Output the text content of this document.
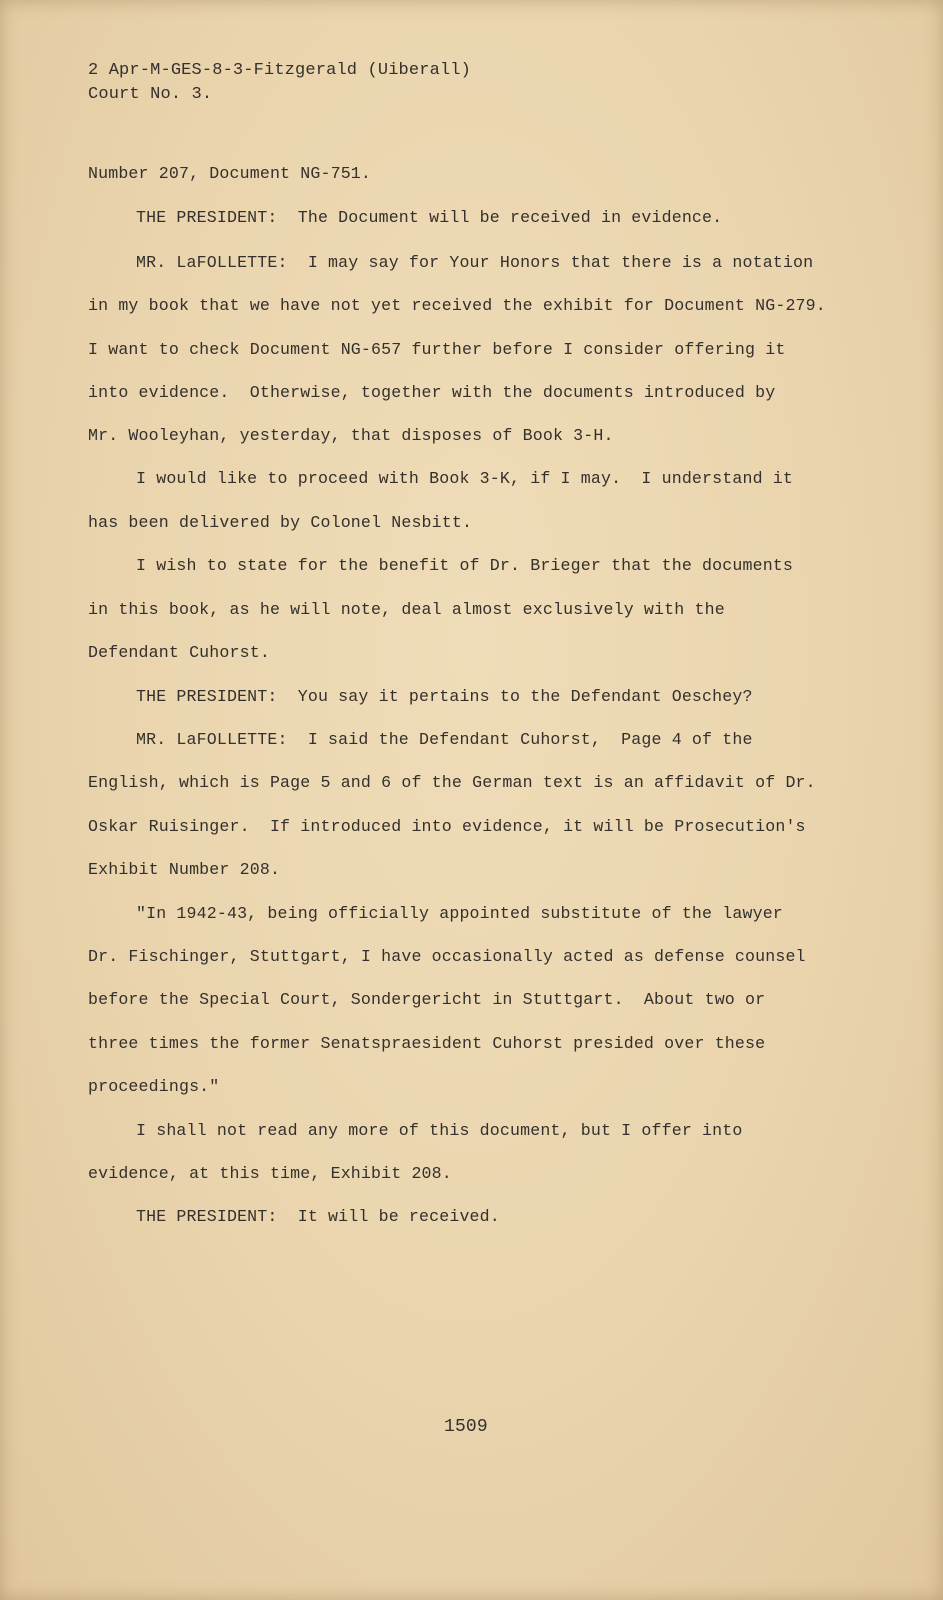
2 Apr-M-GES-8-3-Fitzgerald (Uiberall)
Court No. 3.
Number 207, Document NG-751.
THE PRESIDENT:  The Document will be received in evidence.
MR. LaFOLLETTE:  I may say for Your Honors that there is a notation
in my book that we have not yet received the exhibit for Document NG-279.
I want to check Document NG-657 further before I consider offering it
into evidence.  Otherwise, together with the documents introduced by
Mr. Wooleyhan, yesterday, that disposes of Book 3-H.
I would like to proceed with Book 3-K, if I may.  I understand it
has been delivered by Colonel Nesbitt.
I wish to state for the benefit of Dr. Brieger that the documents
in this book, as he will note, deal almost exclusively with the
Defendant Cuhorst.
THE PRESIDENT:  You say it pertains to the Defendant Oeschey?
MR. LaFOLLETTE:  I said the Defendant Cuhorst,  Page 4 of the
English, which is Page 5 and 6 of the German text is an affidavit of Dr.
Oskar Ruisinger.  If introduced into evidence, it will be Prosecution's
Exhibit Number 208.
"In 1942-43, being officially appointed substitute of the lawyer
Dr. Fischinger, Stuttgart, I have occasionally acted as defense counsel
before the Special Court, Sondergericht in Stuttgart.  About two or
three times the former Senatspraesident Cuhorst presided over these
proceedings."
I shall not read any more of this document, but I offer into
evidence, at this time, Exhibit 208.
THE PRESIDENT:  It will be received.
1509
